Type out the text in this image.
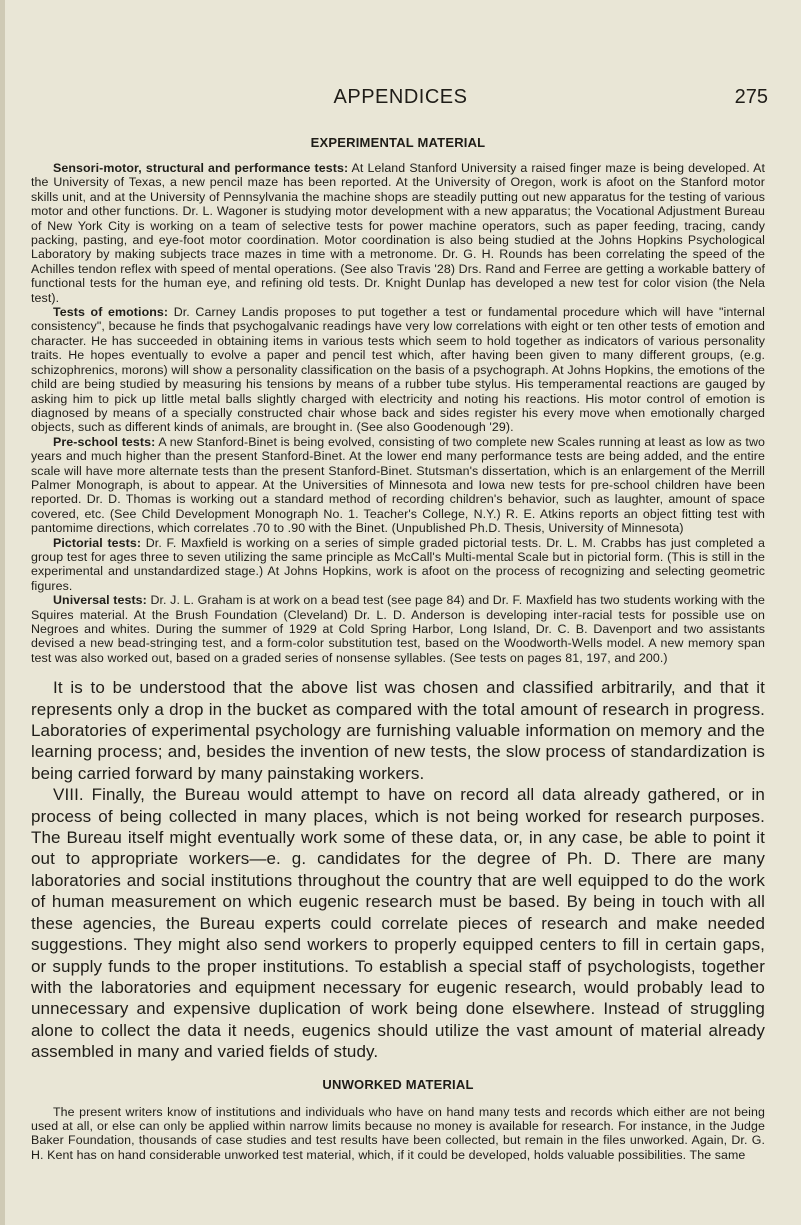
APPENDICES	275
EXPERIMENTAL MATERIAL

Sensori-motor, structural and performance tests: At Leland Stanford University a raised finger maze is being developed. At the University of Texas, a new pencil maze has been reported. At the University of Oregon, work is afoot on the Stanford motor skills unit, and at the University of Pennsylvania the machine shops are steadily putting out new apparatus for the testing of various motor and other functions. Dr. L. Wagoner is studying motor development with a new apparatus; the Vocational Adjustment Bureau of New York City is working on a team of selective tests for power machine operators, such as paper feeding, tracing, candy packing, pasting, and eye-foot motor coordination. Motor coordination is also being studied at the Johns Hopkins Psychological Laboratory by making subjects trace mazes in time with a metronome. Dr. G. H. Rounds has been correlating the speed of the Achilles tendon reflex with speed of mental operations. (See also Travis '28) Drs. Rand and Ferree are getting a workable battery of functional tests for the human eye, and refining old tests. Dr. Knight Dunlap has developed a new test for color vision (the Nela test).

Tests of emotions: Dr. Carney Landis proposes to put together a test or fundamental procedure which will have "internal consistency", because he finds that psychogalvanic readings have very low correlations with eight or ten other tests of emotion and character. He has succeeded in obtaining items in various tests which seem to hold together as indicators of various personality traits. He hopes eventually to evolve a paper and pencil test which, after having been given to many different groups, (e.g. schizophrenics, morons) will show a personality classification on the basis of a psychograph. At Johns Hopkins, the emotions of the child are being studied by measuring his tensions by means of a rubber tube stylus. His temperamental reactions are gauged by asking him to pick up little metal balls slightly charged with electricity and noting his reactions. His motor control of emotion is diagnosed by means of a specially constructed chair whose back and sides register his every move when emotionally charged objects, such as different kinds of animals, are brought in. (See also Goodenough '29).

Pre-school tests: A new Stanford-Binet is being evolved, consisting of two complete new Scales running at least as low as two years and much higher than the present Stanford-Binet. At the lower end many performance tests are being added, and the entire scale will have more alternate tests than the present Stanford-Binet. Stutsman's dissertation, which is an enlargement of the Merrill Palmer Monograph, is about to appear. At the Universities of Minnesota and Iowa new tests for pre-school children have been reported. Dr. D. Thomas is working out a standard method of recording children's behavior, such as laughter, amount of space covered, etc. (See Child Development Monograph No. 1. Teacher's College, N.Y.) R. E. Atkins reports an object fitting test with pantomime directions, which correlates .70 to .90 with the Binet. (Unpublished Ph.D. Thesis, University of Minnesota)

Pictorial tests: Dr. F. Maxfield is working on a series of simple graded pictorial tests. Dr. L. M. Crabbs has just completed a group test for ages three to seven utilizing the same principle as McCall's Multi-mental Scale but in pictorial form. (This is still in the experimental and unstandardized stage.) At Johns Hopkins, work is afoot on the process of recognizing and selecting geometric figures.

Universal tests: Dr. J. L. Graham is at work on a bead test (see page 84) and Dr. F. Maxfield has two students working with the Squires material. At the Brush Foundation (Cleveland) Dr. L. D. Anderson is developing inter-racial tests for possible use on Negroes and whites. During the summer of 1929 at Cold Spring Harbor, Long Island, Dr. C. B. Davenport and two assistants devised a new bead-stringing test, and a form-color substitution test, based on the Woodworth-Wells model. A new memory span test was also worked out, based on a graded series of nonsense syllables. (See tests on pages 81, 197, and 200.)

It is to be understood that the above list was chosen and classified arbitrarily, and that it represents only a drop in the bucket as compared with the total amount of research in progress. Laboratories of experimental psychology are furnishing valuable information on memory and the learning process; and, besides the invention of new tests, the slow process of standardization is being carried forward by many painstaking workers.

VIII. Finally, the Bureau would attempt to have on record all data already gathered, or in process of being collected in many places, which is not being worked for research purposes. The Bureau itself might eventually work some of these data, or, in any case, be able to point it out to appropriate workers—e. g. candidates for the degree of Ph. D. There are many laboratories and social institutions throughout the country that are well equipped to do the work of human measurement on which eugenic research must be based. By being in touch with all these agencies, the Bureau experts could correlate pieces of research and make needed suggestions. They might also send workers to properly equipped centers to fill in certain gaps, or supply funds to the proper institutions. To establish a special staff of psychologists, together with the laboratories and equipment necessary for eugenic research, would probably lead to unnecessary and expensive duplication of work being done elsewhere. Instead of struggling alone to collect the data it needs, eugenics should utilize the vast amount of material already assembled in many and varied fields of study.

UNWORKED MATERIAL

The present writers know of institutions and individuals who have on hand many tests and records which either are not being used at all, or else can only be applied within narrow limits because no money is available for research. For instance, in the Judge Baker Foundation, thousands of case studies and test results have been collected, but remain in the files unworked. Again, Dr. G. H. Kent has on hand considerable unworked test material, which, if it could be developed, holds valuable possibilities. The same
